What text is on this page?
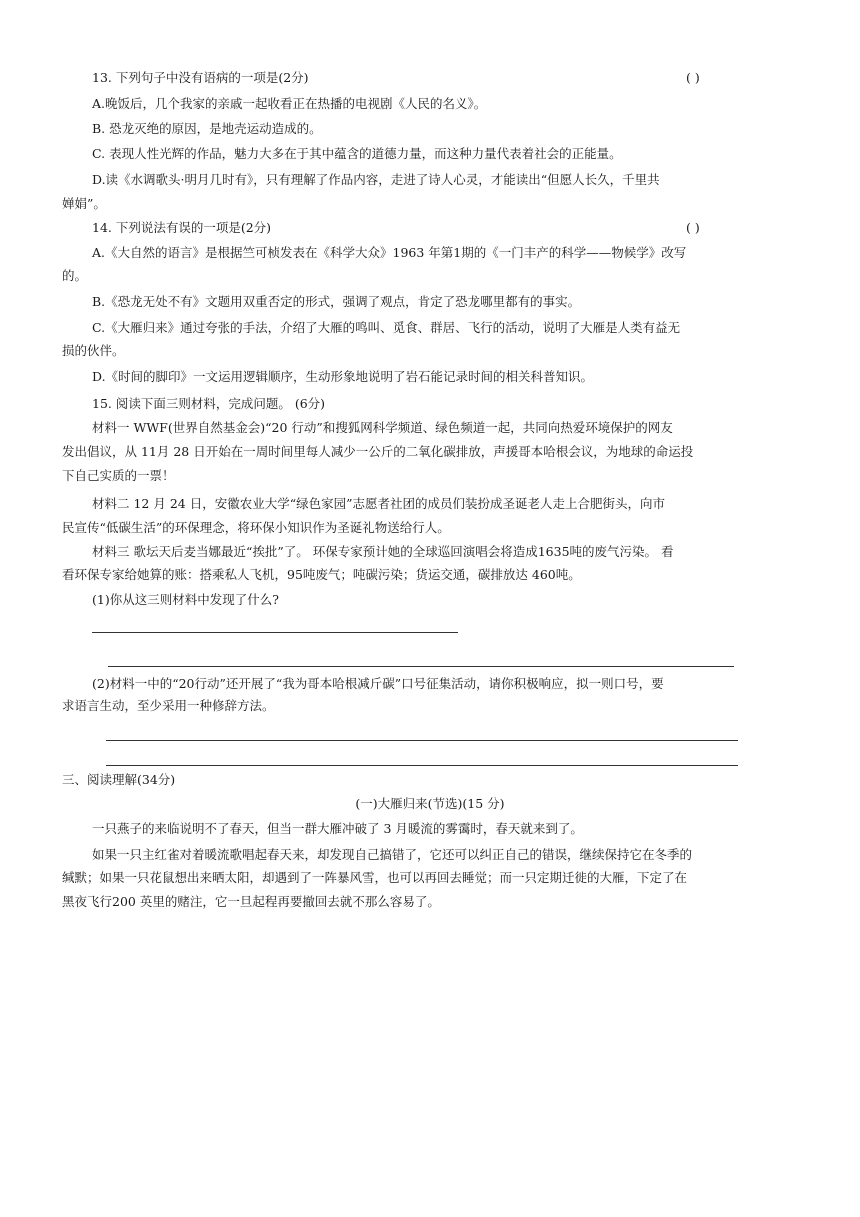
13. 下列句子中没有语病的一项是(2分)	( )
A.晚饭后，几个我家的亲戚一起收看正在热播的电视剧《人民的名义》。
B. 恐龙灭绝的原因，是地壳运动造成的。
C. 表现人性光辉的作品，魅力大多在于其中蕴含的道德力量，而这种力量代表着社会的正能量。
D.读《水调歌头·明月几时有》，只有理解了作品内容，走进了诗人心灵，才能读出“但愿人长久，千里共
婵娟”。
14. 下列说法有误的一项是(2分)	( )
A.《大自然的语言》是根据竺可桢发表在《科学大众》1963 年第1期的《一门丰产的科学——物候学》改写
的。
B.《恐龙无处不有》文题用双重否定的形式，强调了观点，肯定了恐龙哪里都有的事实。
C.《大雁归来》通过夸张的手法，介绍了大雁的鸣叫、觅食、群居、飞行的活动，说明了大雁是人类有益无
损的伙伴。
D.《时间的脚印》一文运用逻辑顺序，生动形象地说明了岩石能记录时间的相关科普知识。
15. 阅读下面三则材料，完成问题。 (6分)
材料一 WWF(世界自然基金会)“20 行动”和搜狐网科学频道、绿色频道一起，共同向热爱环境保护的网友
发出倡议，从 11月 28 日开始在一周时间里每人减少一公斤的二氧化碳排放，声援哥本哈根会议，为地球的命运投
下自己实质的一票！
材料二 12 月 24 日，安徽农业大学“绿色家园”志愿者社团的成员们装扮成圣诞老人走上合肥街头，向市
民宣传“低碳生活”的环保理念，将环保小知识作为圣诞礼物送给行人。
材料三 歌坛天后麦当娜最近“挨批”了。 环保专家预计她的全球巡回演唱会将造成1635吨的废气污染。 看
看环保专家给她算的账：搭乘私人飞机，95吨废气；吨碳污染；货运交通，碳排放达 460吨。
(1)你从这三则材料中发现了什么?
(2)材料一中的“20行动”还开展了“我为哥本哈根减斤碳”口号征集活动，请你积极响应，拟一则口号，要
求语言生动，至少采用一种修辞方法。
三、阅读理解(34分)
(一)大雁归来(节选)(15 分)
一只燕子的来临说明不了春天，但当一群大雁冲破了 3 月暖流的雾霭时，春天就来到了。
如果一只主红雀对着暖流歌唱起春天来，却发现自己搞错了，它还可以纠正自己的错误，继续保持它在冬季的
缄默；如果一只花鼠想出来晒太阳，却遇到了一阵暴风雪，也可以再回去睡觉；而一只定期迁徙的大雁，下定了在
黑夜飞行200 英里的赌注，它一旦起程再要撤回去就不那么容易了。
